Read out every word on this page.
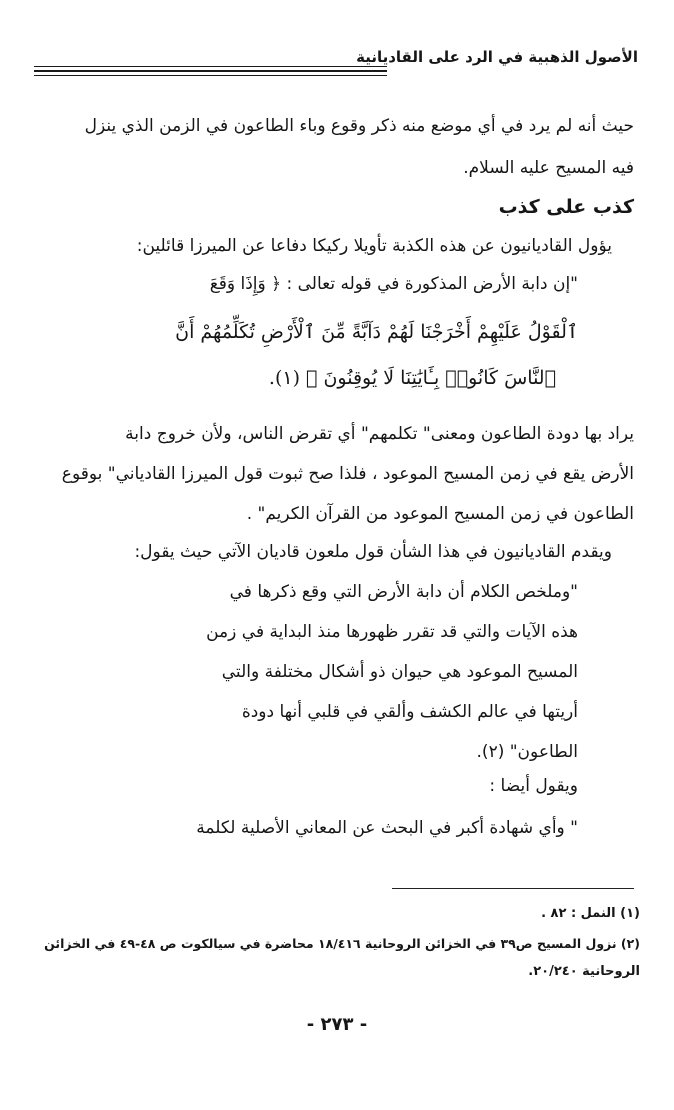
الأصول الذهبية في الرد على القاديانية
حيث أنه لم يرد في أي موضع منه ذكر وقوع وباء الطاعون في الزمن الذي ينزل
فيه المسيح عليه السلام.
كذب على كذب
يؤول القاديانيون عن هذه الكذبة تأويلا ركيكا دفاعا عن الميرزا قائلين:
"إن دابة الأرض المذكورة في قوله تعالى : ﴿ وَإِذَا وَقَعَ
ٱلْقَوْلُ عَلَيْهِمْ أَخْرَجْنَا لَهُمْ دَآبَّةً مِّنَ ٱلْأَرْضِ تُكَلِّمُهُمْ أَنَّ
ٱلنَّاسَ كَانُوا۟ بِـَٔايَٰتِنَا لَا يُوقِنُونَ ﴾ (١).
يراد بها دودة الطاعون ومعنى" تكلمهم" أي تقرض الناس، ولأن خروج دابة
الأرض يقع في زمن المسيح الموعود ، فلذا صح ثبوت قول الميرزا القادياني" بوقوع
الطاعون في زمن المسيح الموعود من القرآن الكريم" .
ويقدم القاديانيون في هذا الشأن قول ملعون قاديان الآتي حيث يقول:
"وملخص الكلام أن دابة الأرض التي وقع ذكرها في
هذه الآيات والتي قد تقرر ظهورها منذ البداية في زمن
المسيح الموعود هي حيوان ذو أشكال مختلفة والتي
أريتها في عالم الكشف وألقي في قلبي أنها دودة
الطاعون" (٢).
ويقول أيضا :
" وأي شهادة أكبر في البحث عن المعاني الأصلية لكلمة
(١) النمل : ٨٢ .
(٢) نزول المسيح ص٣٩ في الخزائن الروحانية ١٨/٤١٦ محاضرة في سيالكوت ص ٤٨-٤٩ في الخزائن
الروحانية ٢٠/٢٤٠.
- ٢٧٣ -
